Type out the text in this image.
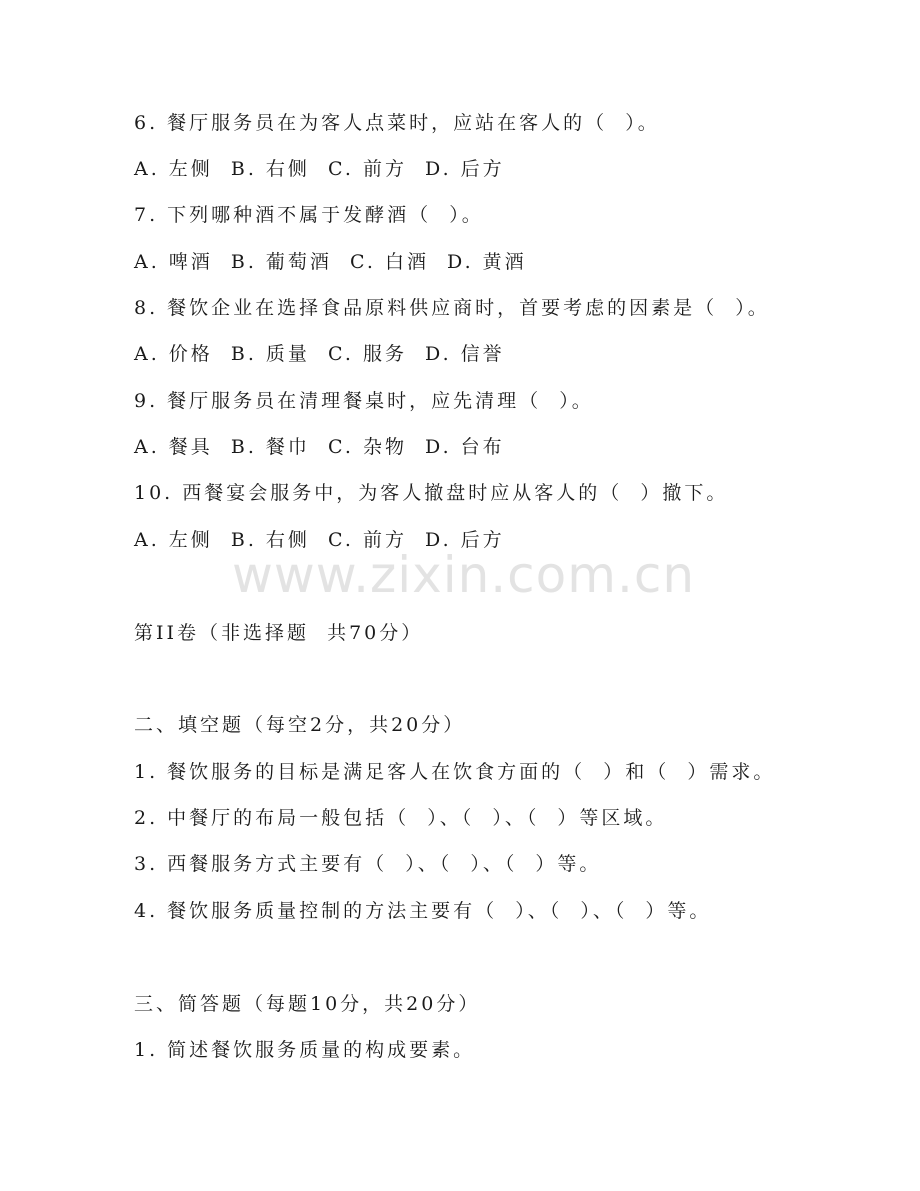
6. 餐厅服务员在为客人点菜时，应站在客人的（  ）。
A. 左侧  B. 右侧  C. 前方  D. 后方
7. 下列哪种酒不属于发酵酒（  ）。
A. 啤酒  B. 葡萄酒  C. 白酒  D. 黄酒
8. 餐饮企业在选择食品原料供应商时，首要考虑的因素是（  ）。
A. 价格  B. 质量  C. 服务  D. 信誉
9. 餐厅服务员在清理餐桌时，应先清理（  ）。
A. 餐具  B. 餐巾  C. 杂物  D. 台布
10. 西餐宴会服务中，为客人撤盘时应从客人的（  ）撤下。
A. 左侧  B. 右侧  C. 前方  D. 后方
www.zixin.com.cn
第II卷（非选择题  共70分）
二、填空题（每空2分，共20分）
1. 餐饮服务的目标是满足客人在饮食方面的（  ）和（  ）需求。
2. 中餐厅的布局一般包括（  ）、（  ）、（  ）等区域。
3. 西餐服务方式主要有（  ）、（  ）、（  ）等。
4. 餐饮服务质量控制的方法主要有（  ）、（  ）、（  ）等。
三、简答题（每题10分，共20分）
1. 简述餐饮服务质量的构成要素。
